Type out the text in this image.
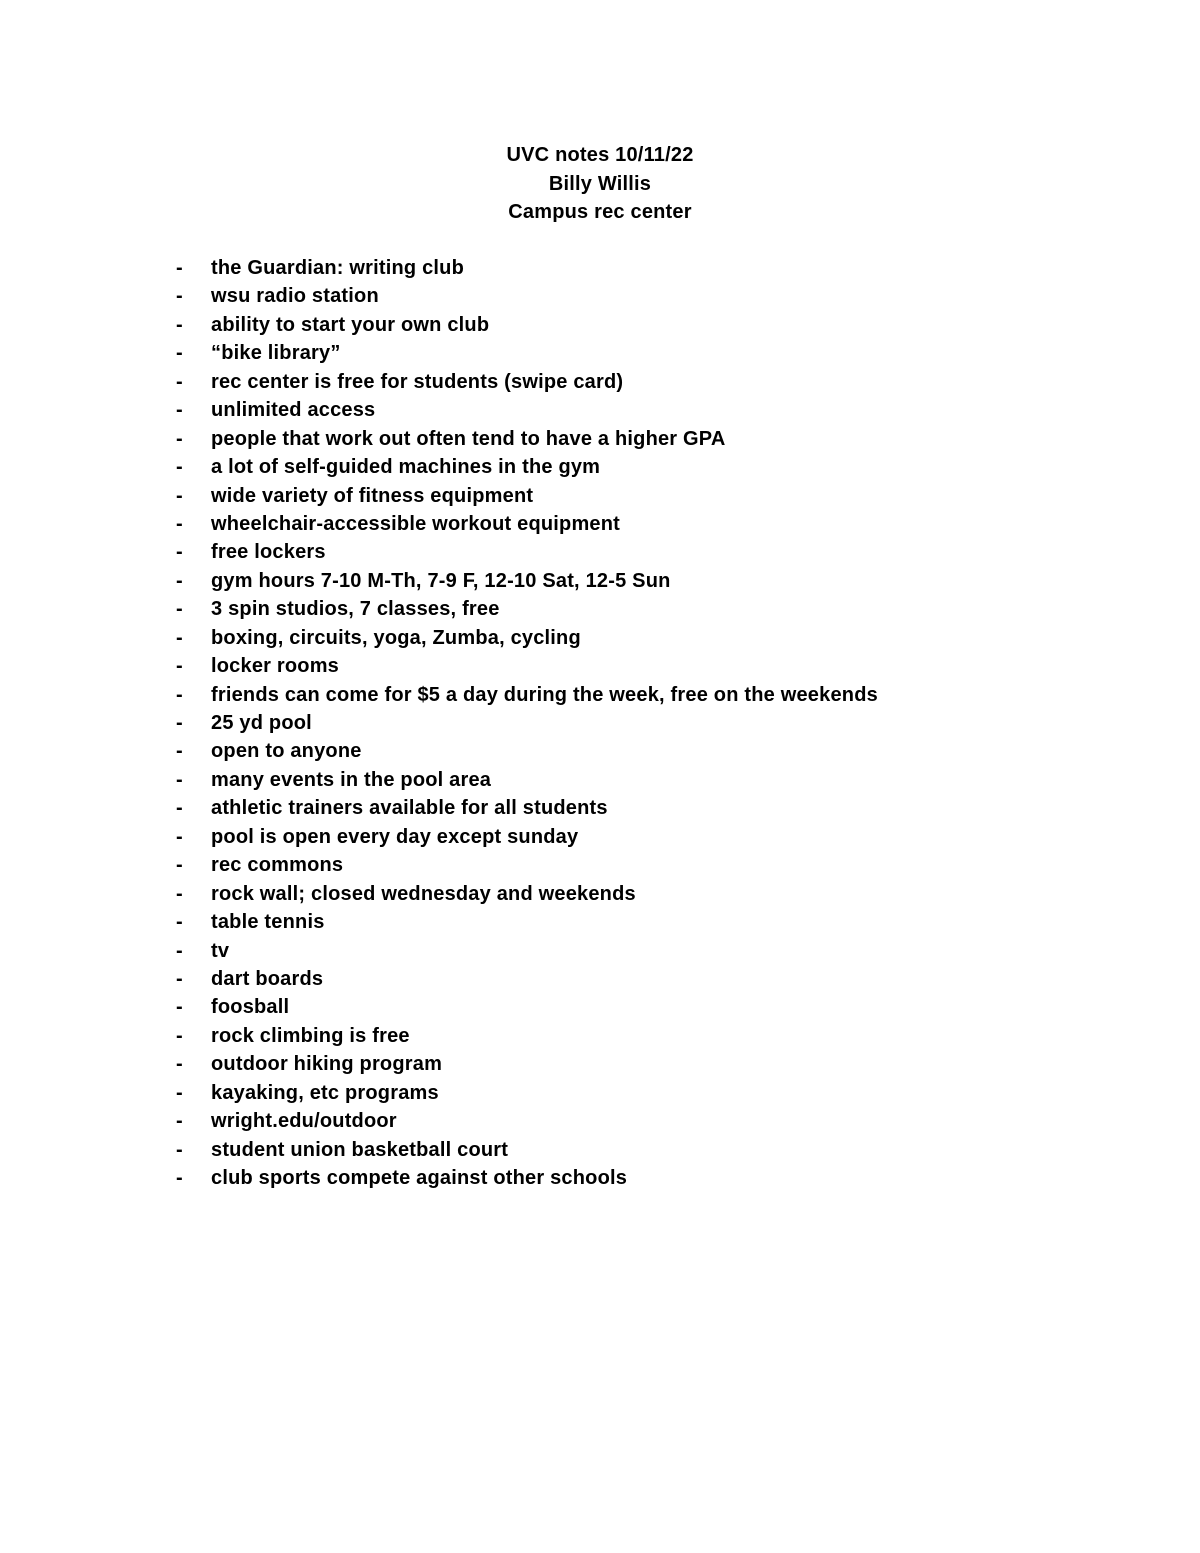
UVC notes 10/11/22
Billy Willis
Campus rec center
- the Guardian: writing club
- wsu radio station
- ability to start your own club
- “bike library”
- rec center is free for students (swipe card)
- unlimited access
- people that work out often tend to have a higher GPA
- a lot of self-guided machines in the gym
- wide variety of fitness equipment
- wheelchair-accessible workout equipment
- free lockers
- gym hours 7-10 M-Th, 7-9 F, 12-10 Sat, 12-5 Sun
- 3 spin studios, 7 classes, free
- boxing, circuits, yoga, Zumba, cycling
- locker rooms
- friends can come for $5 a day during the week, free on the weekends
- 25 yd pool
- open to anyone
- many events in the pool area
- athletic trainers available for all students
- pool is open every day except sunday
- rec commons
- rock wall; closed wednesday and weekends
- table tennis
- tv
- dart boards
- foosball
- rock climbing is free
- outdoor hiking program
- kayaking, etc programs
- wright.edu/outdoor
- student union basketball court
- club sports compete against other schools
